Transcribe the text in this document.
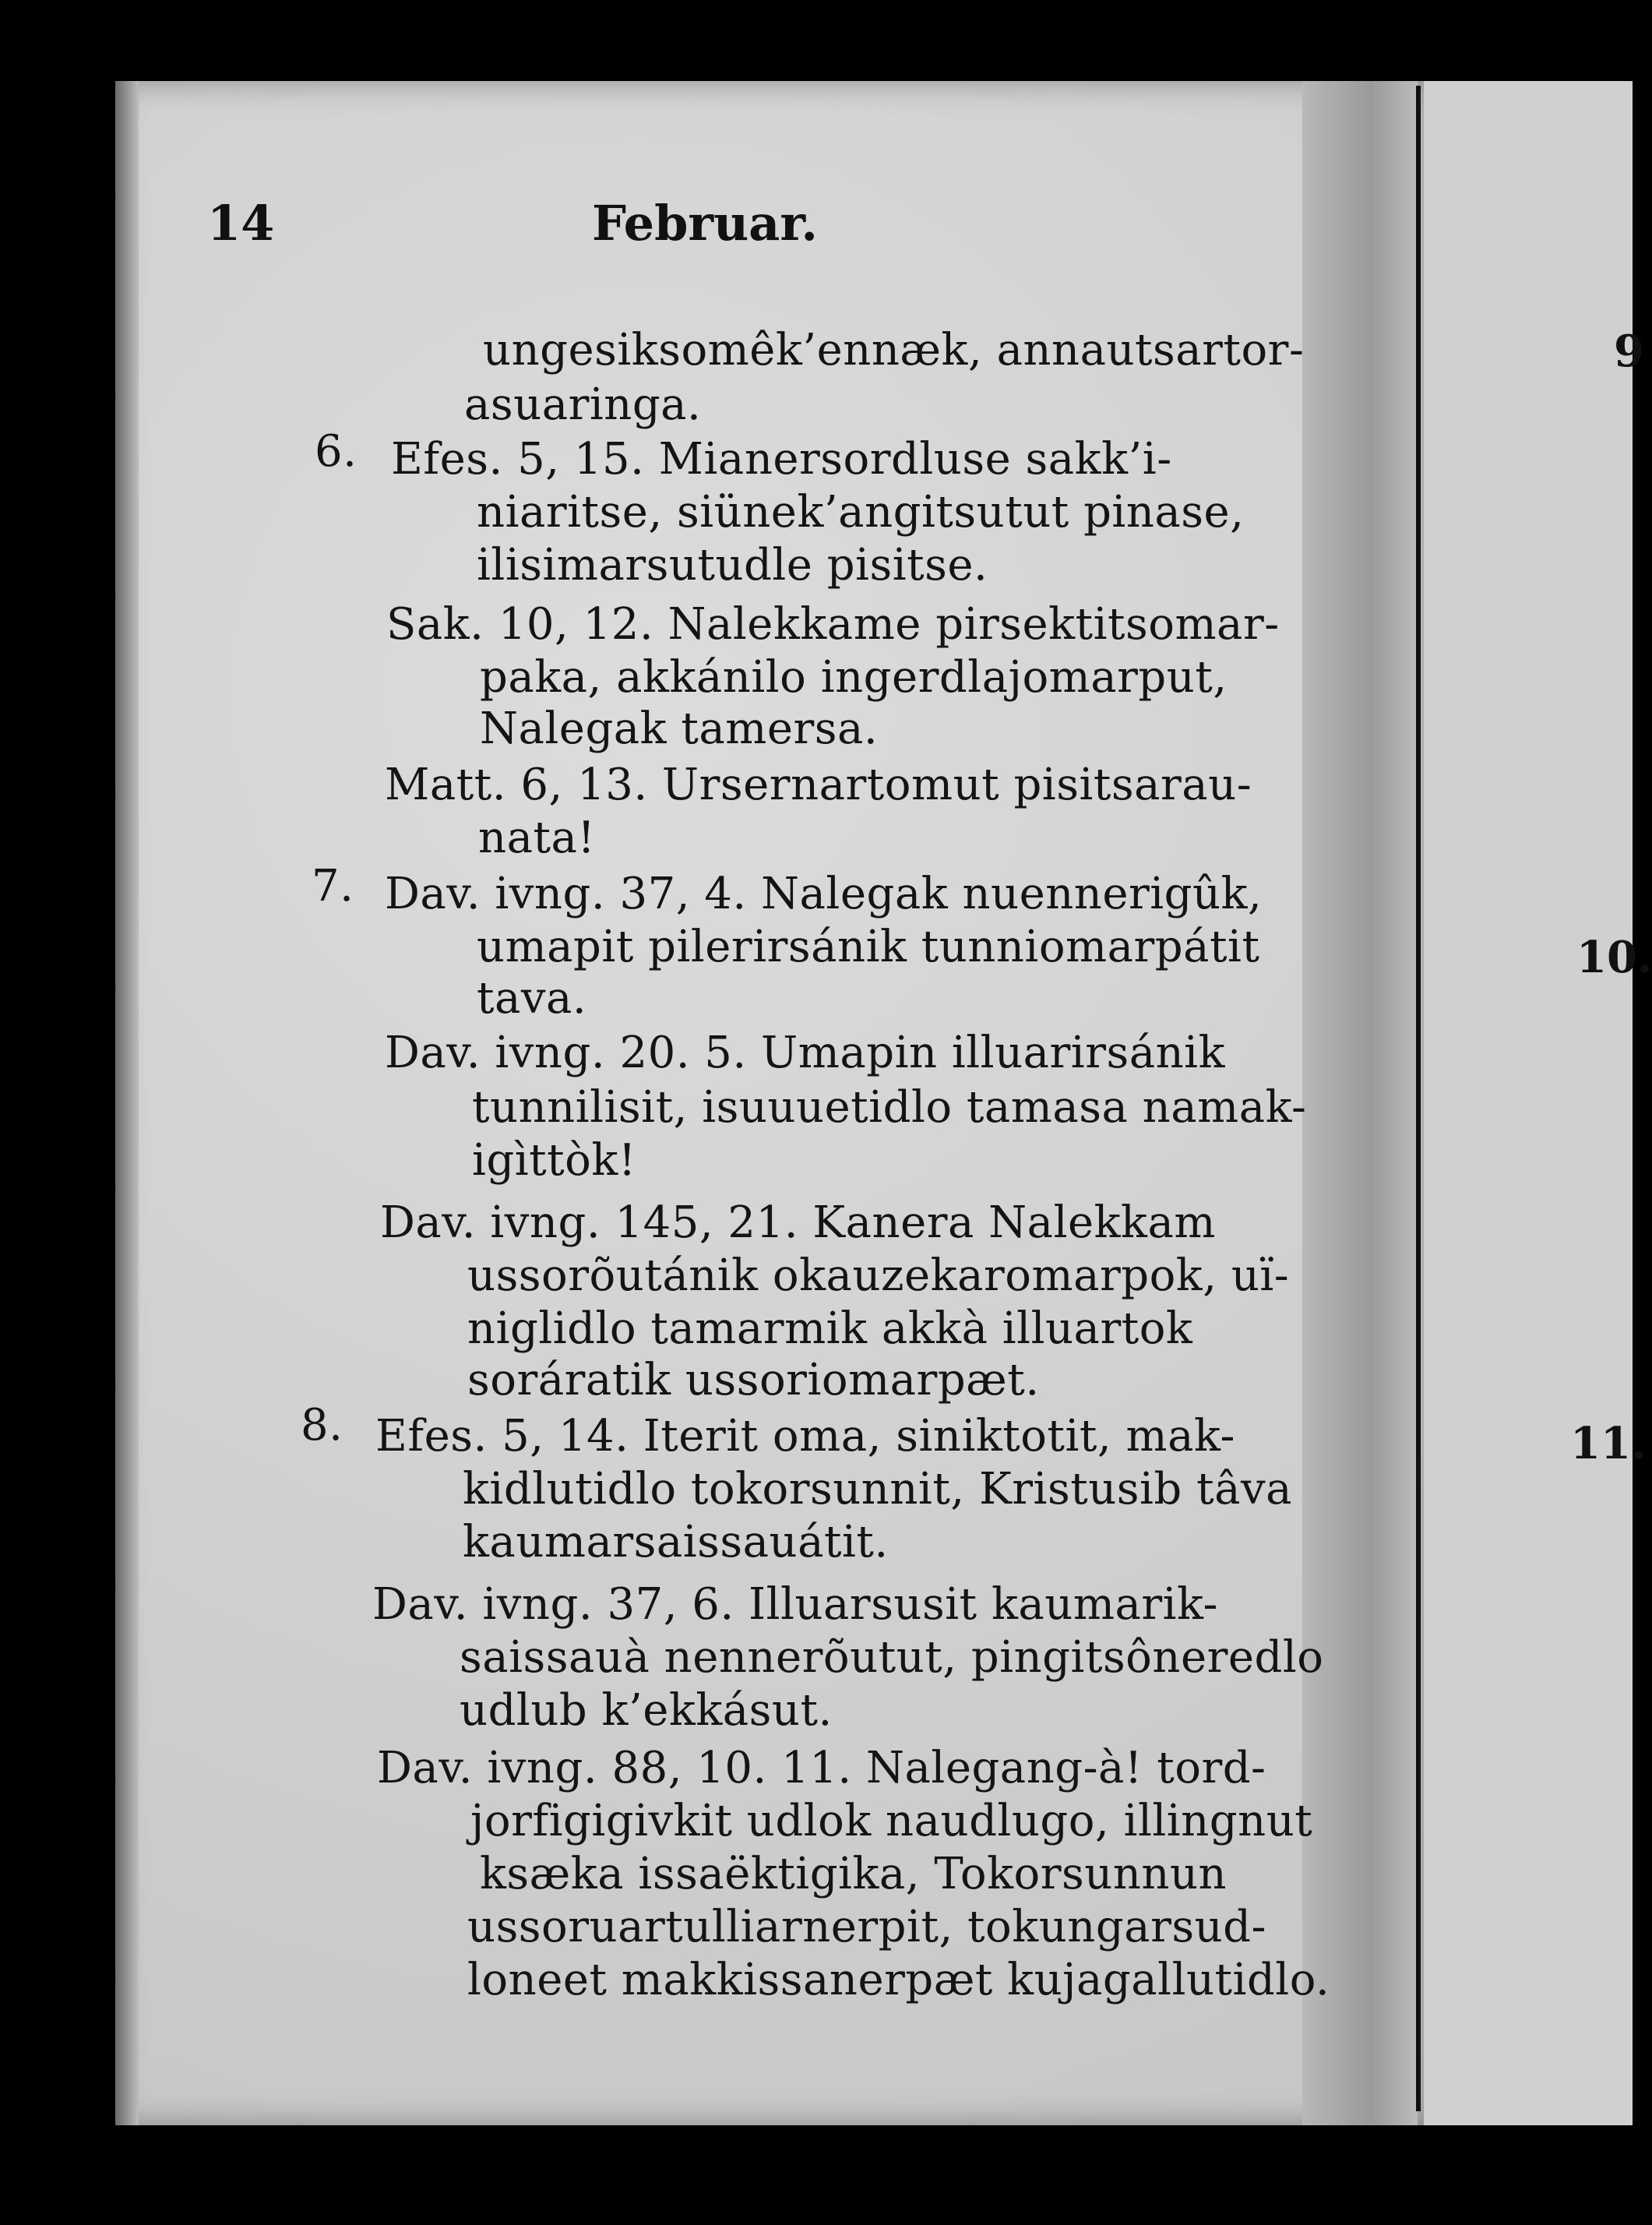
9
10.
11.
14	Februar.
ungesiksomêk’ennæk, annautsartor-
asuaringa.
6. Efes. 5, 15. Mianersordluse sakk’i-
niaritse, siünek’angitsutut pinase,
ilisimarsutudle pisitse.
Sak. 10, 12. Nalekkame pirsektitsomar-
paka, akkánilo ingerdlajomarput,
Nalegak tamersa.
Matt. 6, 13. Ursernartomut pisitsarau-
nata!
7. Dav. ivng. 37, 4. Nalegak nuennerigûk,
umapit pilerirsánik tunniomarpátit
tava.
Dav. ivng. 20. 5. Umapin illuarirsánik
tunnilisit, isuuuetidlo tamasa namak-
igìttòk!
Dav. ivng. 145, 21. Kanera Nalekkam
ussorõutánik okauzekaromarpok, uï-
niglidlo tamarmik akkà illuartok
soráratik ussoriomarpæt.
8. Efes. 5, 14. Iterit oma, siniktotit, mak-
kidlutidlo tokorsunnit, Kristusib tâva
kaumarsaissauátit.
Dav. ivng. 37, 6. Illuarsusit kaumarik-
saissauà nennerõutut, pingitsôneredlo
udlub k’ekkásut.
Dav. ivng. 88, 10. 11. Nalegang-à! tord-
jorfigigivkit udlok naudlugo, illingnut
ksæka issaëktigika, Tokorsunnun
ussoruartulliarnerpit, tokungarsud-
loneet makkissanerpæt kujagallutidlo.
